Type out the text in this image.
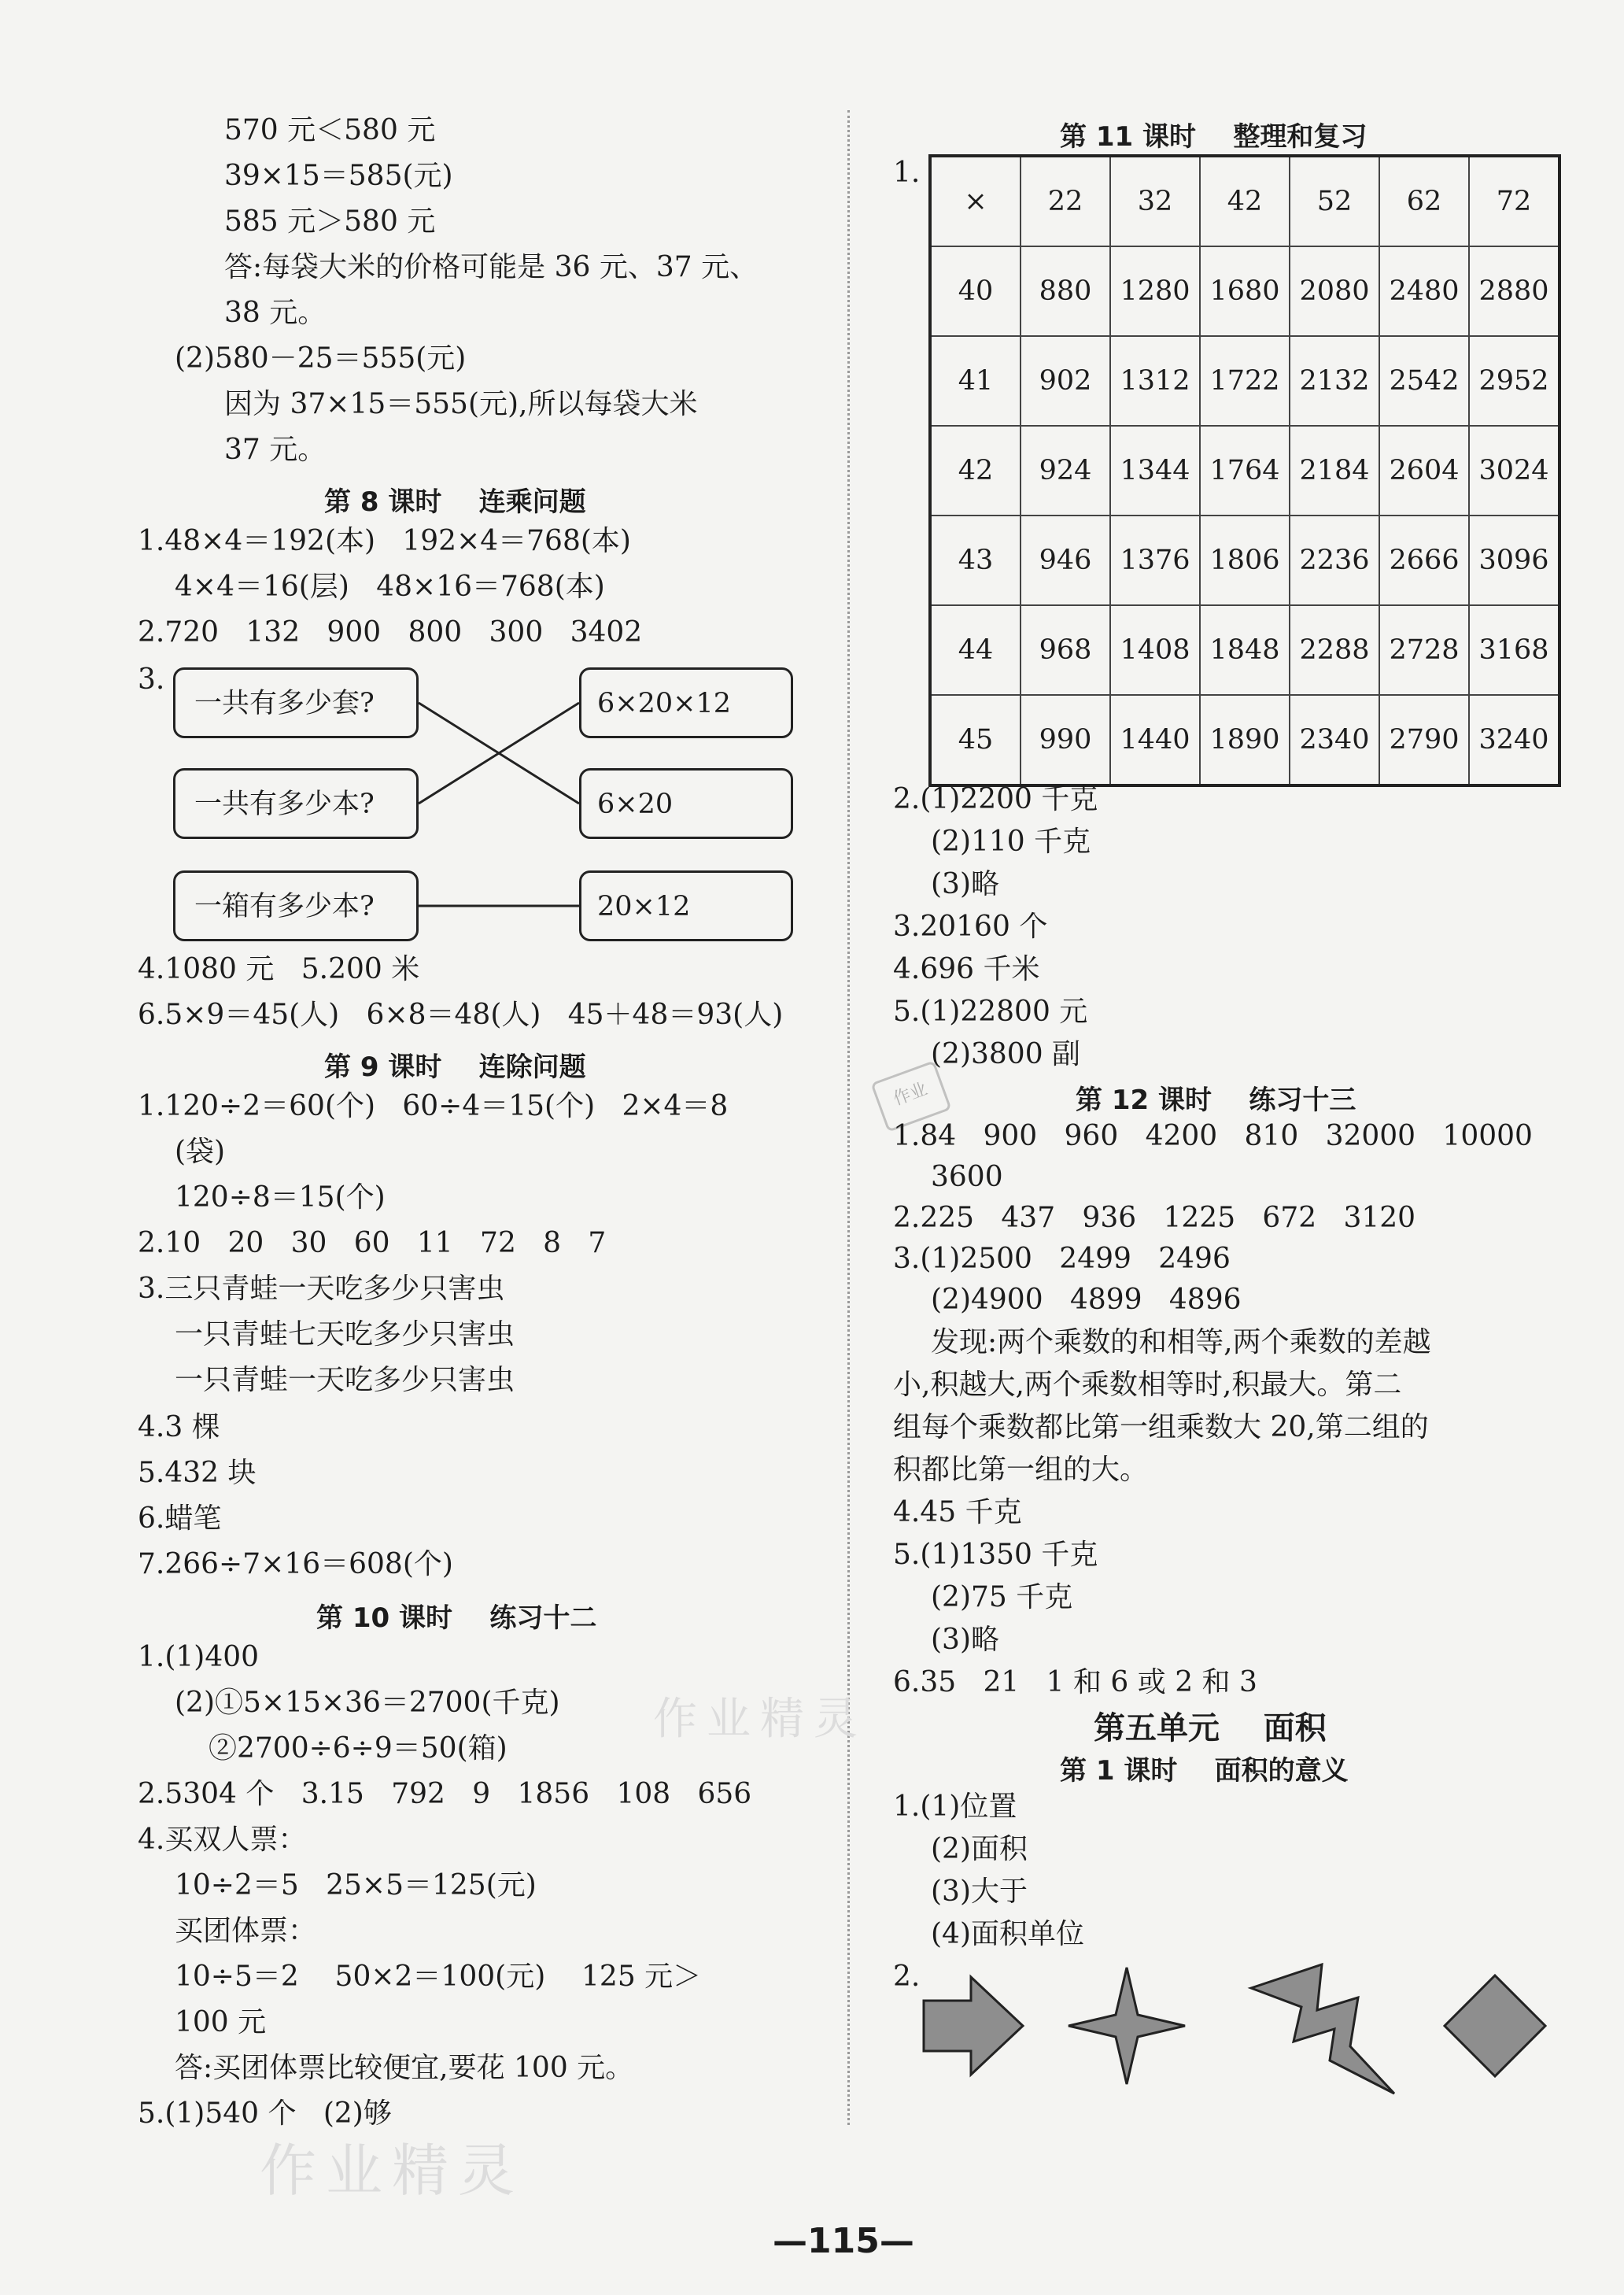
570 元＜580 元
39×15＝585(元)
585 元＞580 元
答:每袋大米的价格可能是 36 元、37 元、
38 元。
(2)580－25＝555(元)
因为 37×15＝555(元),所以每袋大米
37 元。
第 8 课时    连乘问题
1.48×4＝192(本)   192×4＝768(本)
4×4＝16(层)   48×16＝768(本)
2.720   132   900   800   300   3402
3.
一共有多少套?
一共有多少本?
一箱有多少本?
6×20×12
6×20
20×12
4.1080 元   5.200 米
6.5×9＝45(人)   6×8＝48(人)   45＋48＝93(人)
第 9 课时    连除问题
1.120÷2＝60(个)   60÷4＝15(个)   2×4＝8
(袋)
120÷8＝15(个)
2.10   20   30   60   11   72   8   7
3.三只青蛙一天吃多少只害虫
一只青蛙七天吃多少只害虫
一只青蛙一天吃多少只害虫
4.3 棵
5.432 块
6.蜡笔
7.266÷7×16＝608(个)
第 10 课时    练习十二
1.(1)400
(2)①5×15×36＝2700(千克)
②2700÷6÷9＝50(箱)
2.5304 个   3.15   792   9   1856   108   656
4.买双人票：
10÷2＝5   25×5＝125(元)
买团体票：
10÷5＝2    50×2＝100(元)    125 元＞
100 元
答:买团体票比较便宜,要花 100 元。
5.(1)540 个   (2)够
第 11 课时    整理和复习
1.
×	22	32	42	52	62	72
40	880	1280	1680	2080	2480	2880
41	902	1312	1722	2132	2542	2952
42	924	1344	1764	2184	2604	3024
43	946	1376	1806	2236	2666	3096
44	968	1408	1848	2288	2728	3168
45	990	1440	1890	2340	2790	3240
2.(1)2200 千克
(2)110 千克
(3)略
3.20160 个
4.696 千米
5.(1)22800 元
(2)3800 副
作业	第 12 课时    练习十三
1.84   900   960   4200   810   32000   10000
3600
2.225   437   936   1225   672   3120
3.(1)2500   2499   2496
(2)4900   4899   4896
发现:两个乘数的和相等,两个乘数的差越
小,积越大,两个乘数相等时,积最大。第二
组每个乘数都比第一组乘数大 20,第二组的
积都比第一组的大。
4.45 千克
5.(1)1350 千克
(2)75 千克
(3)略
6.35   21   1 和 6 或 2 和 3
第五单元    面积
第 1 课时    面积的意义
1.(1)位置
(2)面积
(3)大于
(4)面积单位
2.
作业精灵
作业精灵
—115—
